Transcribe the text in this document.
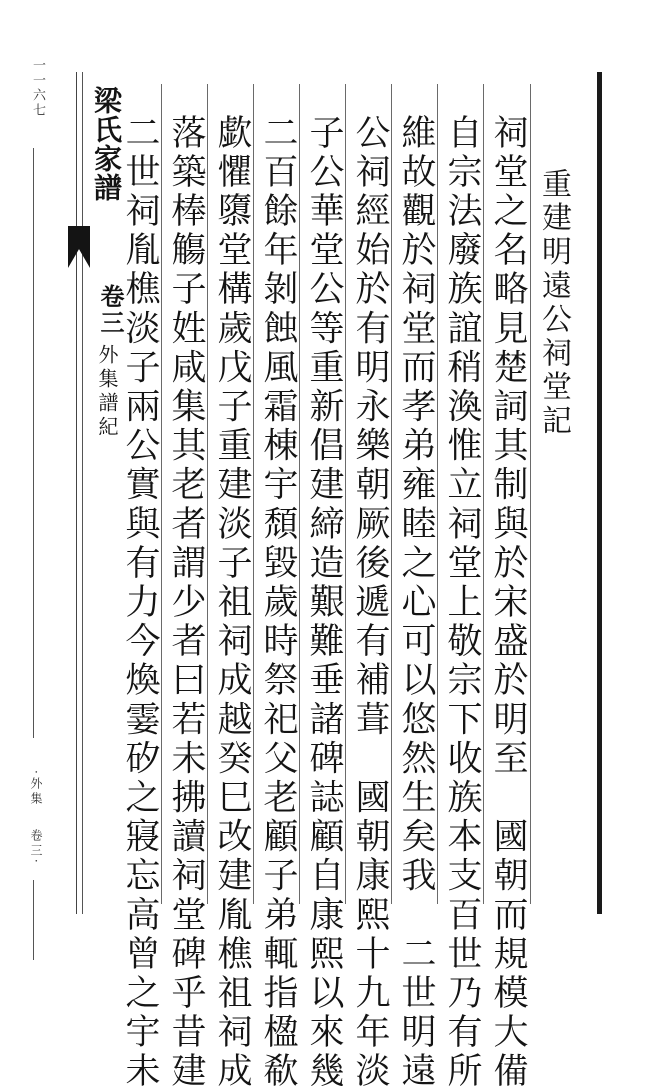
一一六七
·外集卷三·
梁氏家譜
卷三
外集譜紀	重建明遠公祠堂記
祠堂之名略見楚詞其制與於宋盛於明至　國朝而規模大備
自宗法廢族誼稍渙惟立祠堂上敬宗下收族本支百世乃有所
維故觀於祠堂而孝弟雍睦之心可以悠然生矣我　二世明遠
公祠經始於有明永樂朝厥後遞有補葺　國朝康熙十九年淡
子公華堂公等重新倡建締造艱難垂諸碑誌顧自康熙以來幾
二百餘年剝蝕風霜棟宇頹毀歲時祭祀父老顧子弟輒指楹欷
歔懼隳堂構歲戊子重建淡子祖祠成越癸巳改建胤樵祖祠成
落築棒觴子姓咸集其老者謂少者曰若未拂讀祠堂碑乎昔建
二世祠胤樵淡子兩公實與有力今煥霎矽之寢忘高曾之宇未
